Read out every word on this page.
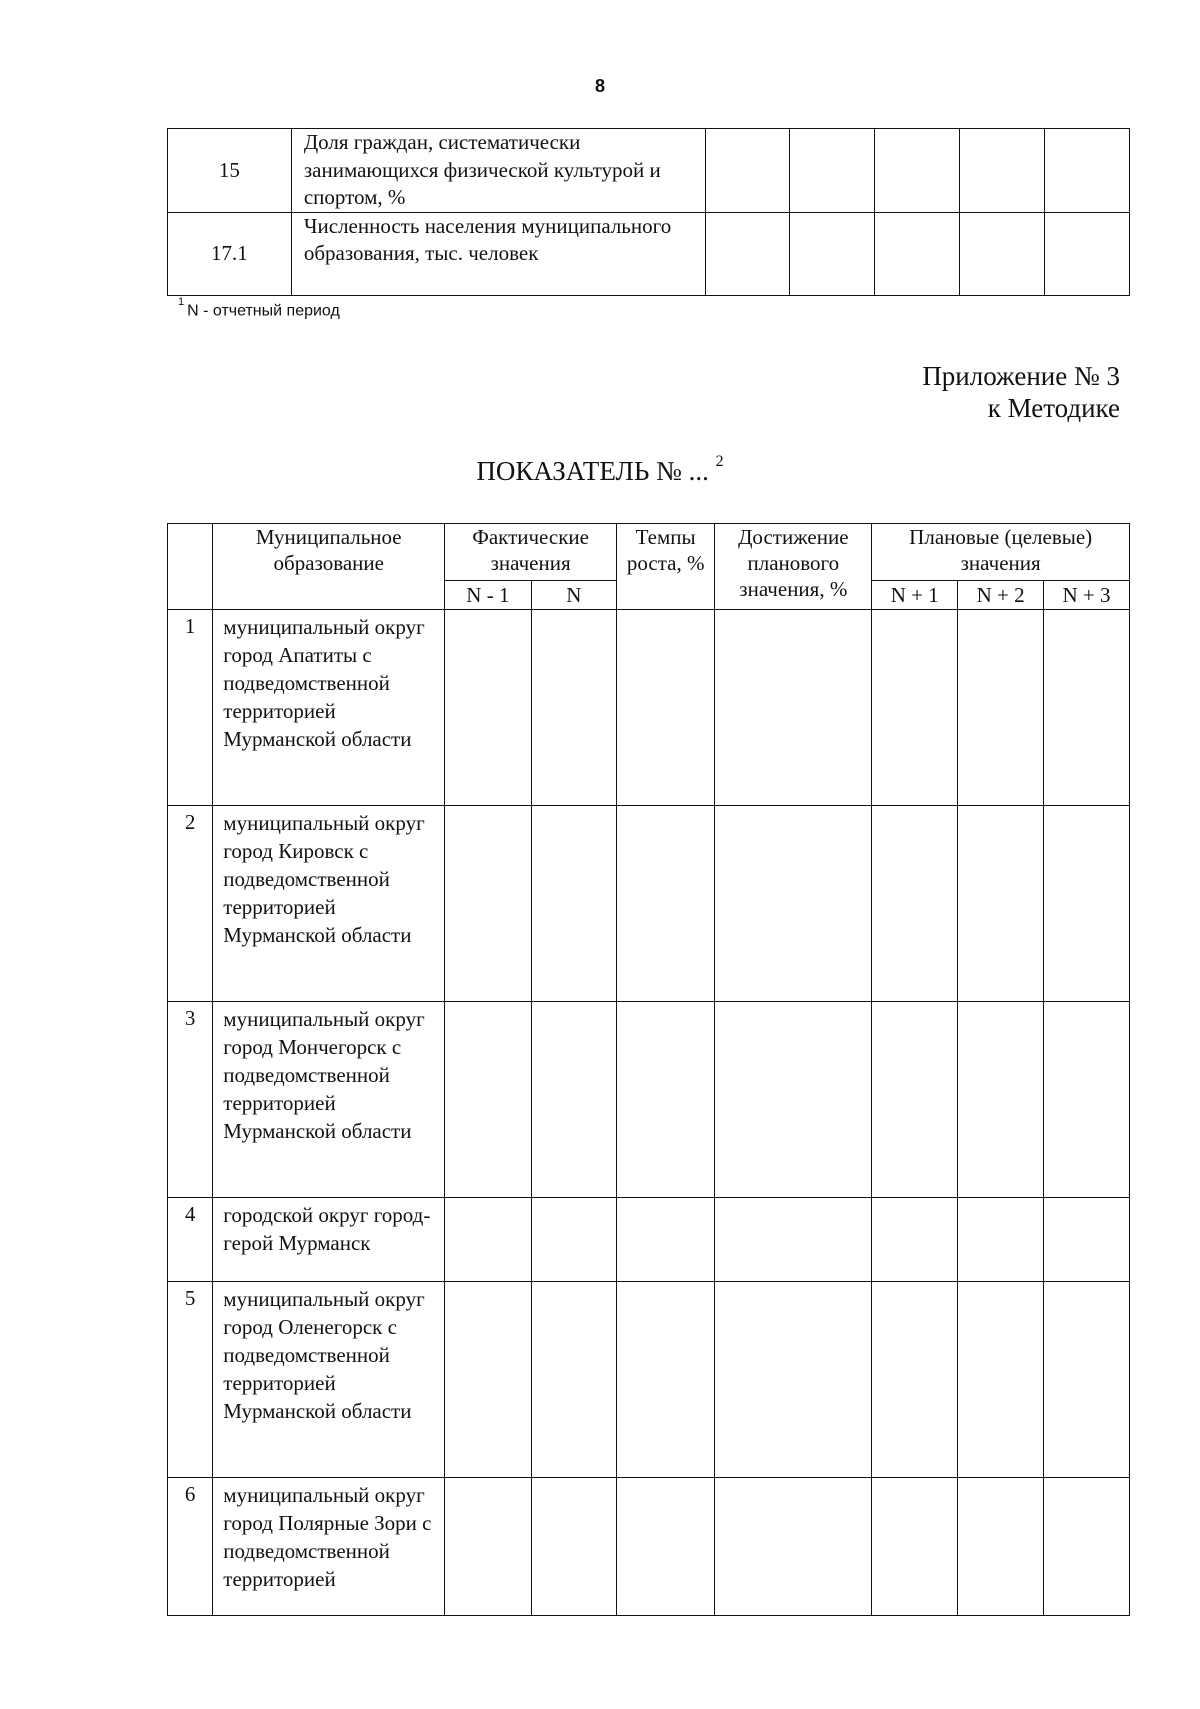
8
15	Доля граждан, систематически занимающихся физической культурой и спортом, %					
17.1	Численность населения муниципального образования, тыс. человек					
$^1$N - отчетный период
Приложение № 3
к Методике
ПОКАЗАТЕЛЬ № ... $^2$
	Муниципальное образование	Фактические значения		Темпы роста, %	Достижение планового значения, %	Плановые (целевые) значения		
		N - 1	N			N + 1	N + 2	N + 3
1	муниципальный округ город Апатиты с подведомственной территорией Мурманской области							
2	муниципальный округ город Кировск с подведомственной территорией Мурманской области							
3	муниципальный округ город Мончегорск с подведомственной территорией Мурманской области							
4	городской округ город-герой Мурманск							
5	муниципальный округ город Оленегорск с подведомственной территорией Мурманской области							
6	муниципальный округ город Полярные Зори с подведомственной территорией							
